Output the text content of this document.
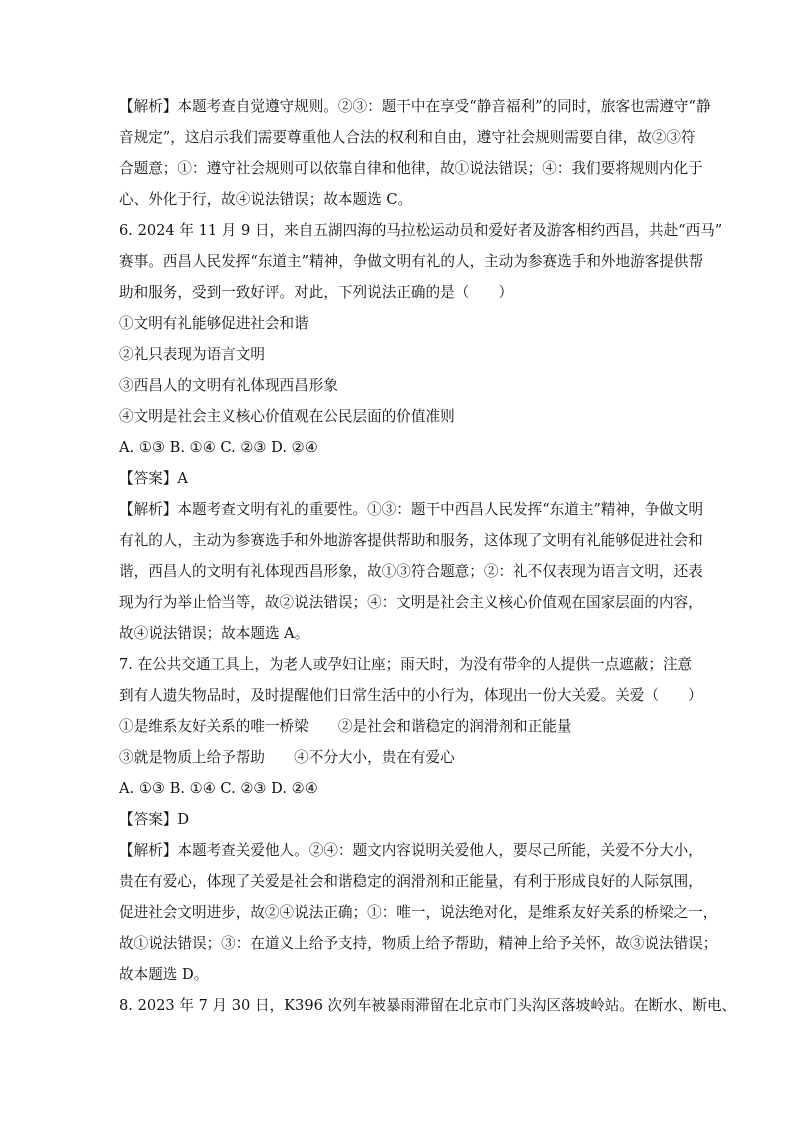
【解析】本题考查自觉遵守规则。②③：题干中在享受“静音福利”的同时，旅客也需遵守“静

音规定”，这启示我们需要尊重他人合法的权利和自由，遵守社会规则需要自律，故②③符

合题意；①：遵守社会规则可以依靠自律和他律，故①说法错误；④：我们要将规则内化于

心、外化于行，故④说法错误；故本题选 C。

6. 2024 年 11 月 9 日，来自五湖四海的马拉松运动员和爱好者及游客相约西昌，共赴“西马”

赛事。西昌人民发挥“东道主”精神，争做文明有礼的人，主动为参赛选手和外地游客提供帮

助和服务，受到一致好评。对此，下列说法正确的是（　　）

①文明有礼能够促进社会和谐

②礼只表现为语言文明

③西昌人的文明有礼体现西昌形象

④文明是社会主义核心价值观在公民层面的价值准则

A. ①③ B. ①④ C. ②③ D. ②④

【答案】A

【解析】本题考查文明有礼的重要性。①③：题干中西昌人民发挥“东道主”精神，争做文明

有礼的人，主动为参赛选手和外地游客提供帮助和服务，这体现了文明有礼能够促进社会和

谐，西昌人的文明有礼体现西昌形象，故①③符合题意；②：礼不仅表现为语言文明，还表

现为行为举止恰当等，故②说法错误；④：文明是社会主义核心价值观在国家层面的内容，

故④说法错误；故本题选 A。

7. 在公共交通工具上，为老人或孕妇让座；雨天时，为没有带伞的人提供一点遮蔽；注意

到有人遗失物品时，及时提醒他们日常生活中的小行为，体现出一份大关爱。关爱（　　）

①是维系友好关系的唯一桥梁　　②是社会和谐稳定的润滑剂和正能量

③就是物质上给予帮助　　④不分大小，贵在有爱心

A. ①③ B. ①④ C. ②③ D. ②④

【答案】D

【解析】本题考查关爱他人。②④：题文内容说明关爱他人，要尽己所能，关爱不分大小，

贵在有爱心，体现了关爱是社会和谐稳定的润滑剂和正能量，有利于形成良好的人际氛围，

促进社会文明进步，故②④说法正确；①：唯一，说法绝对化，是维系友好关系的桥梁之一，

故①说法错误；③：在道义上给予支持，物质上给予帮助，精神上给予关怀，故③说法错误；

故本题选 D。

8. 2023 年 7 月 30 日，K396 次列车被暴雨滞留在北京市门头沟区落坡岭站。在断水、断电、
